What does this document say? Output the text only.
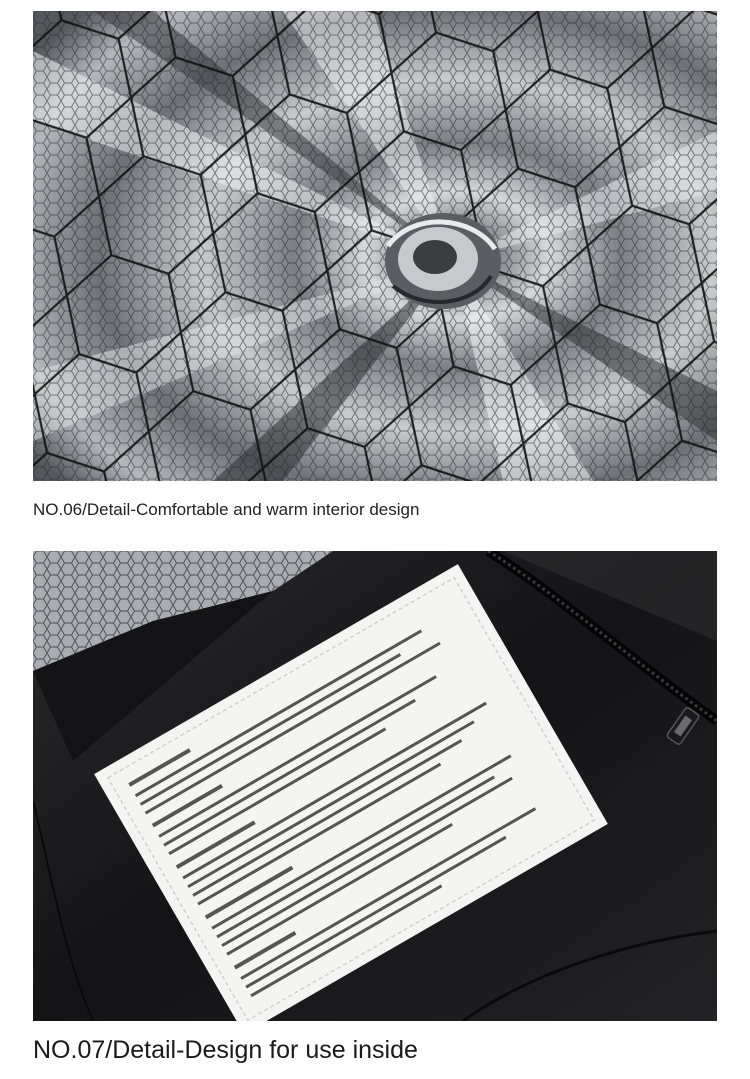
NO.06/Detail-Comfortable and warm interior design

NO.07/Detail-Design for use inside
